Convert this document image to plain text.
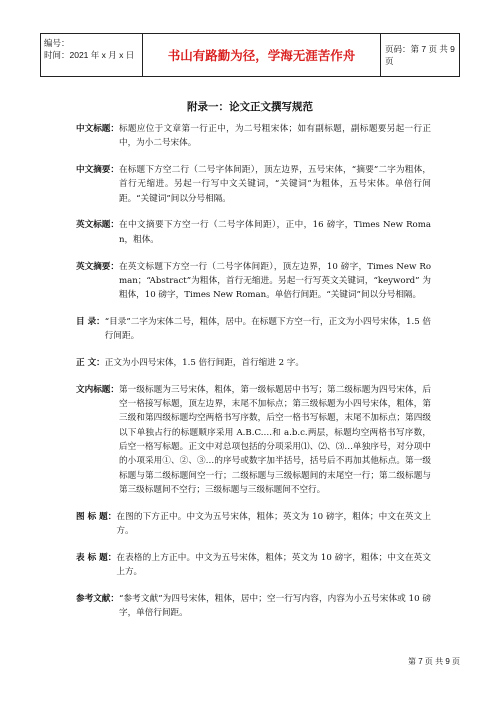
编号：
时间：2021 年 x 月 x 日	书山有路勤为径，学海无涯苦作舟	页码：第 7 页 共 9 页
附录一：论文正文撰写规范
中文标题： 标题应位于文章第一行正中，为二号粗宋体；如有副标题，副标题要另起一行正中，为小二号宋体。
中文摘要： 在标题下方空二行（二号字体间距），顶左边界，五号宋体，“摘要”二字为粗体，首行无缩进。另起一行写中文关键词，“关键词”为粗体，五号宋体。单倍行间距。“关键词”间以分号相隔。
英文标题： 在中文摘要下方空一行（二号字体间距），正中，16 磅字，Times New Roman，粗体。
英文摘要： 在英文标题下方空一行（二号字体间距），顶左边界，10 磅字，Times New Roman；“Abstract”为粗体，首行无缩进。另起一行写英文关键词，“keyword” 为粗体，10 磅字，Times New Roman。单倍行间距。“关键词”间以分号相隔。
目 录： “目录”二字为宋体二号，粗体，居中。在标题下方空一行，正文为小四号宋体，1.5 倍行间距。
正 文： 正文为小四号宋体，1.5 倍行间距，首行缩进 2 字。
文内标题： 第一级标题为三号宋体，粗体，第一级标题居中书写；第二级标题为四号宋体，后空一格接写标题，顶左边界，末尾不加标点；第三级标题为小四号宋体，粗体，第三级和第四级标题均空两格书写序数，后空一格书写标题，末尾不加标点；第四级以下单独占行的标题顺序采用 A.B.C.…和 a.b.c.两层，标题均空两格书写序数，后空一格写标题。正文中对总项包括的分项采用⑴、⑵、⑶…单独序号，对分项中的小项采用①、②、③…的序号或数字加半括号，括号后不再加其他标点。第一级标题与第二级标题间空一行；二级标题与三级标题间的末尾空一行；第二级标题与第三级标题间不空行；三级标题与三级标题间不空行。
图 标 题： 在图的下方正中。中文为五号宋体，粗体；英文为 10 磅字，粗体；中文在英文上方。
表 标 题： 在表格的上方正中。中文为五号宋体，粗体；英文为 10 磅字，粗体；中文在英文上方。
参考文献： “参考文献”为四号宋体，粗体，居中；空一行写内容，内容为小五号宋体或 10 磅字，单倍行间距。
第 7 页 共 9 页
